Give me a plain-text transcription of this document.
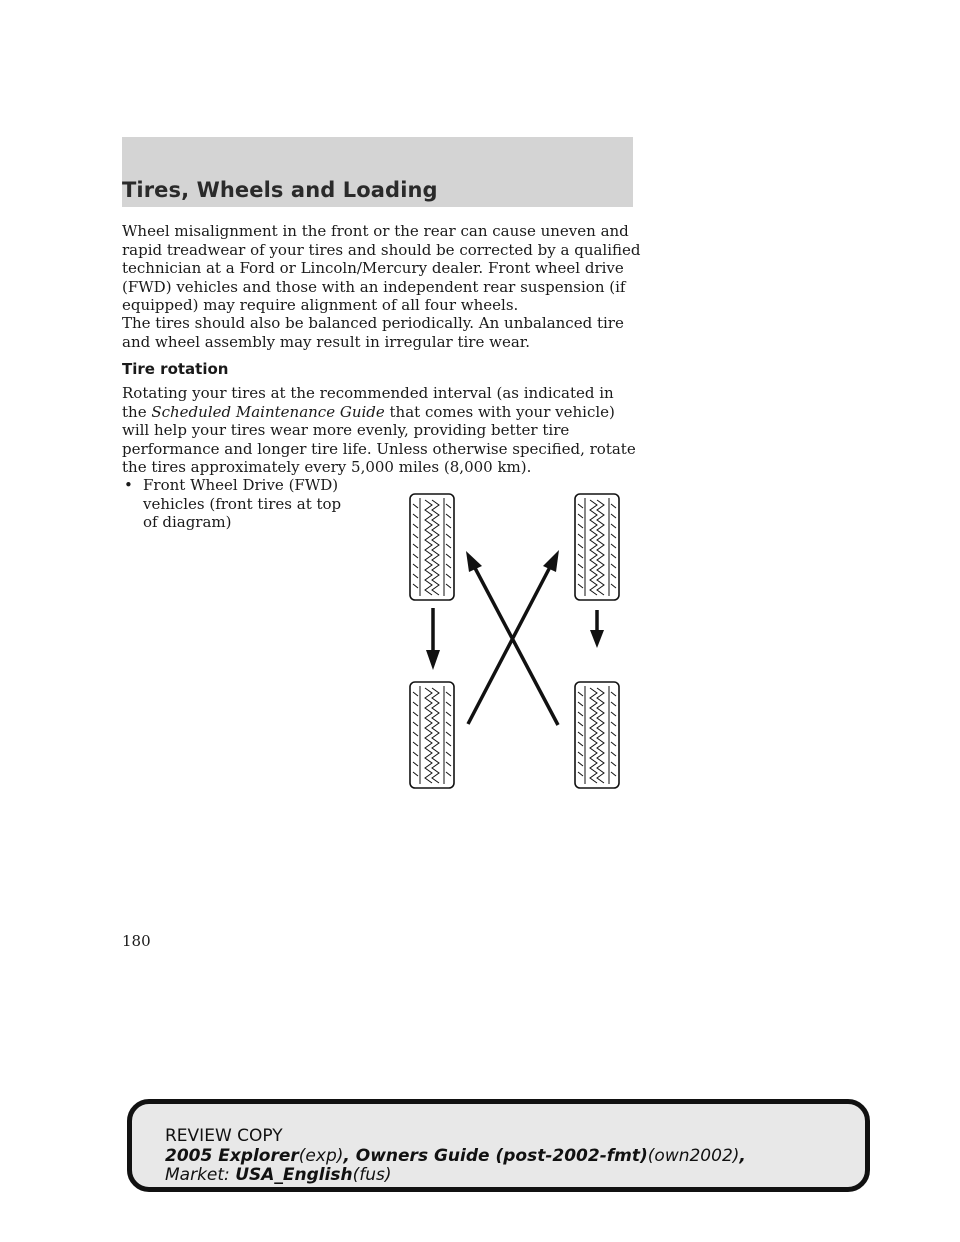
Tires, Wheels and Loading

Wheel misalignment in the front or the rear can cause uneven and rapid treadwear of your tires and should be corrected by a qualified technician at a Ford or Lincoln/Mercury dealer. Front wheel drive (FWD) vehicles and those with an independent rear suspension (if equipped) may require alignment of all four wheels.

The tires should also be balanced periodically. An unbalanced tire and wheel assembly may result in irregular tire wear.

Tire rotation

Rotating your tires at the recommended interval (as indicated in the Scheduled Maintenance Guide that comes with your vehicle) will help your tires wear more evenly, providing better tire performance and longer tire life. Unless otherwise specified, rotate the tires approximately every 5,000 miles (8,000 km).

• Front Wheel Drive (FWD) vehicles (front tires at top of diagram)

180
REVIEW COPY
2005 Explorer(exp), Owners Guide (post-2002-fmt)(own2002),
Market: USA_English(fus)
